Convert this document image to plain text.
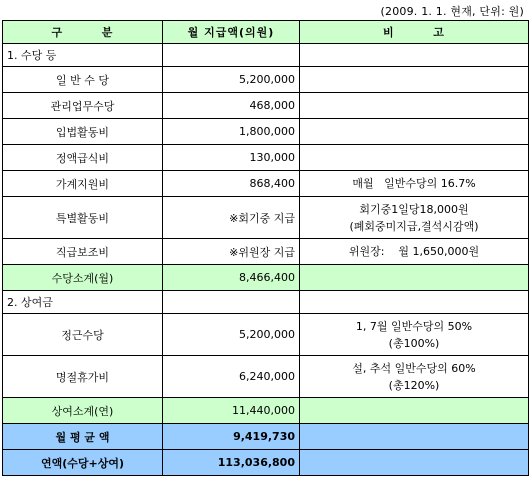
(2009. 1. 1. 현재, 단위: 원)
구        분	월 지급액(의원)	비        고
1. 수당 등		
일 반 수 당	5,200,000	
관리업무수당	468,000	
입법활동비	1,800,000	
정액급식비	130,000	
가계지원비	868,400	매월   일반수당의 16.7%
특별활동비	※회기중 지급	회기중1일당18,000원
(폐회중미지급,결석시감액)

직급보조비	※위원장 지급	위원장:    월 1,650,000원
수당소계(월)	8,466,400	
2. 상여금		
정근수당	5,200,000	1, 7월 일반수당의 50%
(총100%)

명절휴가비	6,240,000	설, 추석 일반수당의 60%
(총120%)

상여소계(연)	11,440,000	
월 평 균 액	9,419,730	
연액(수당+상여)	113,036,800	
